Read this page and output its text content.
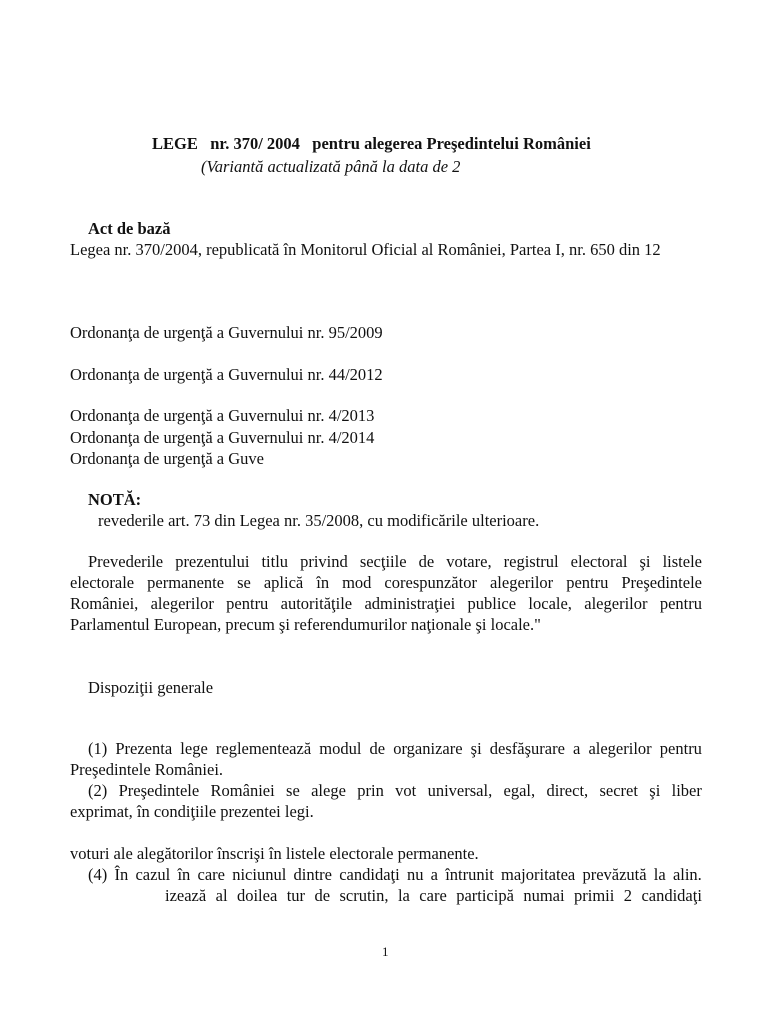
LEGE   nr. 370/ 2004   pentru alegerea Preşedintelui României
(Variantă actualizată până la data de 2
Act de bază
Legea nr. 370/2004, republicată în Monitorul Oficial al României, Partea I, nr. 650 din 12
Ordonanţa de urgenţă a Guvernului nr. 95/2009
Ordonanţa de urgenţă a Guvernului nr. 44/2012
Ordonanţa de urgenţă a Guvernului nr. 4/2013
Ordonanţa de urgenţă a Guvernului nr. 4/2014
Ordonanţa de urgenţă a Guve
NOTĂ:
revederile art. 73 din Legea nr. 35/2008, cu modificările ulterioare.
Prevederile prezentului titlu privind secţiile de votare, registrul electoral şi listele
electorale permanente se aplică în mod corespunzător alegerilor pentru Preşedintele
României, alegerilor pentru autorităţile administraţiei publice locale, alegerilor pentru
Parlamentul European, precum şi referendumurilor naţionale şi locale."
Dispoziţii generale
(1) Prezenta lege reglementează modul de organizare şi desfăşurare a alegerilor pentru
Preşedintele României.
(2) Preşedintele României se alege prin vot universal, egal, direct, secret şi liber
exprimat, în condiţiile prezentei legi.
voturi ale alegătorilor înscrişi în listele electorale permanente.
(4) În cazul în care niciunul dintre candidaţi nu a întrunit majoritatea prevăzută la alin.
izează al doilea tur de scrutin, la care participă numai primii 2 candidaţi
1
